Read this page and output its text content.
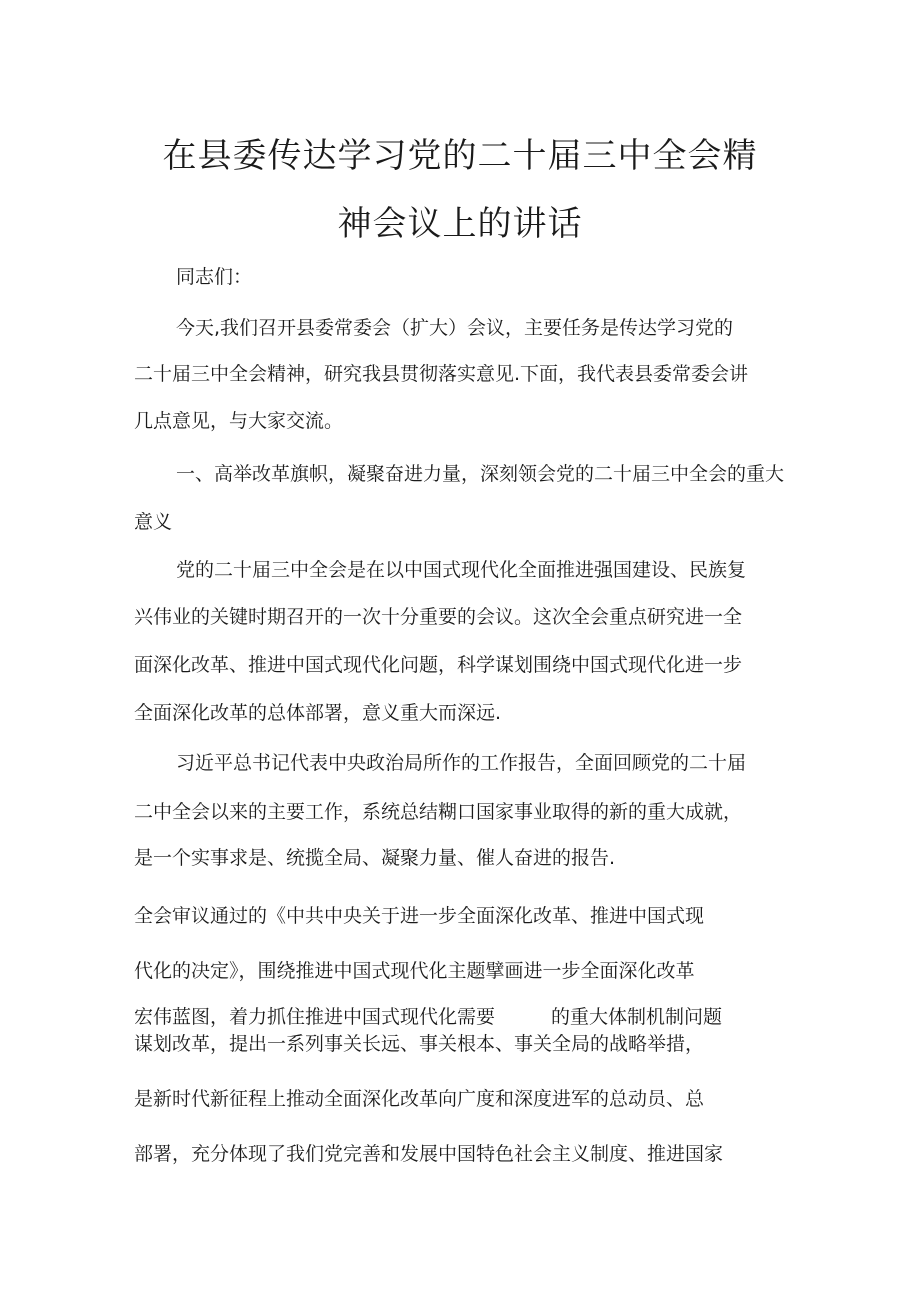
在县委传达学习党的二十届三中全会精
神会议上的讲话

同志们：

今天,我们召开县委常委会（扩大）会议，主要任务是传达学习党的

二十届三中全会精神，研究我县贯彻落实意见.下面，我代表县委常委会讲

几点意见，与大家交流。

一、高举改革旗帜，凝聚奋进力量，深刻领会党的二十届三中全会的重大

意义

党的二十届三中全会是在以中国式现代化全面推进强国建设、民族复

兴伟业的关键时期召开的一次十分重要的会议。这次全会重点研究进一全

面深化改革、推进中国式现代化问题，科学谋划围绕中国式现代化进一步

全面深化改革的总体部署，意义重大而深远.

习近平总书记代表中央政治局所作的工作报告，全面回顾党的二十届

二中全会以来的主要工作，系统总结糊口国家事业取得的新的重大成就，

是一个实事求是、统揽全局、凝聚力量、催人奋进的报告.

全会审议通过的《中共中央关于进一步全面深化改革、推进中国式现

代化的决定》，围绕推进中国式现代化主题擘画进一步全面深化改革

宏伟蓝图，着力抓住推进中国式现代化需要	的重大体制机制问题

谋划改革，提出一系列事关长远、事关根本、事关全局的战略举措，

是新时代新征程上推动全面深化改革向广度和深度进军的总动员、总

部署，充分体现了我们党完善和发展中国特色社会主义制度、推进国家
